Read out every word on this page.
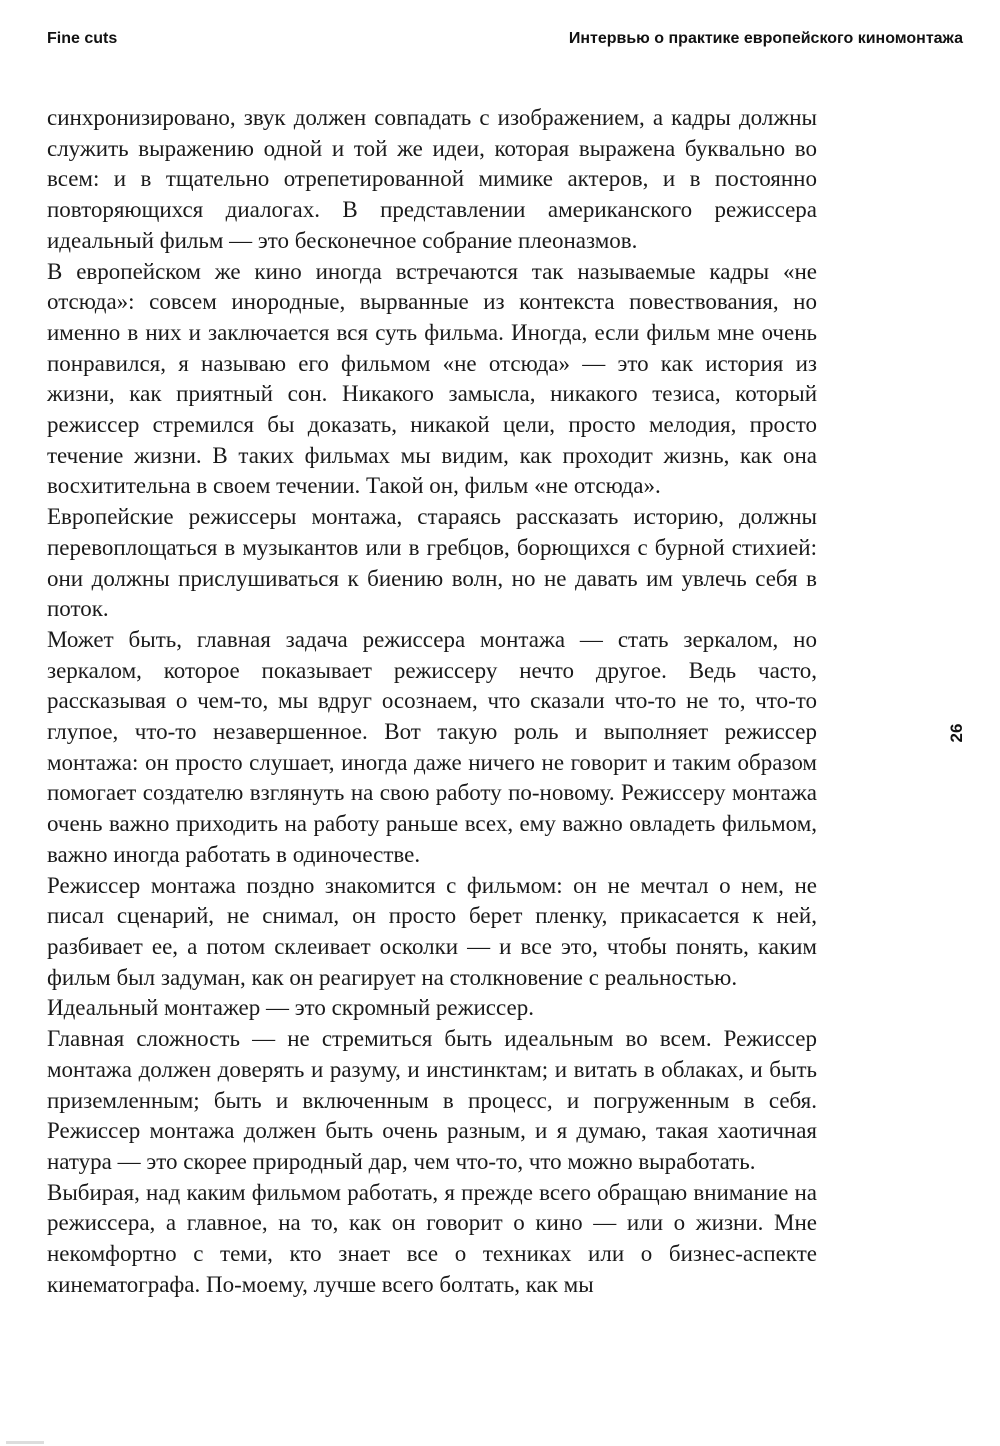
Fine cuts	Интервью о практике европейского киномонтажа

синхронизировано, звук должен совпадать с изображением, а кадры должны служить выражению одной и той же идеи, которая выражена буквально во всем: и в тщательно отрепетированной мимике актеров, и в постоянно повторяющихся диалогах. В представлении американского режиссера идеальный фильм — это бесконечное собрание плеоназмов.

В европейском же кино иногда встречаются так называемые кадры «не отсюда»: совсем инородные, вырванные из контекста повествования, но именно в них и заключается вся суть фильма. Иногда, если фильм мне очень понравился, я называю его фильмом «не отсюда» — это как история из жизни, как приятный сон. Никакого замысла, никакого тезиса, который режиссер стремился бы доказать, никакой цели, просто мелодия, просто течение жизни. В таких фильмах мы видим, как проходит жизнь, как она восхитительна в своем течении. Такой он, фильм «не отсюда».

Европейские режиссеры монтажа, стараясь рассказать историю, должны перевоплощаться в музыкантов или в гребцов, борющихся с бурной стихией: они должны прислушиваться к биению волн, но не давать им увлечь себя в поток.

Может быть, главная задача режиссера монтажа — стать зеркалом, но зеркалом, которое показывает режиссеру нечто другое. Ведь часто, рассказывая о чем-то, мы вдруг осознаем, что сказали что-то не то, что-то глупое, что-то незавершенное. Вот такую роль и выполняет режиссер монтажа: он просто слушает, иногда даже ничего не говорит и таким образом помогает создателю взглянуть на свою работу по-новому. Режиссеру монтажа очень важно приходить на работу раньше всех, ему важно овладеть фильмом, важно иногда работать в одиночестве.

Режиссер монтажа поздно знакомится с фильмом: он не мечтал о нем, не писал сценарий, не снимал, он просто берет пленку, прикасается к ней, разбивает ее, а потом склеивает осколки — и все это, чтобы понять, каким фильм был задуман, как он реагирует на столкновение с реальностью.

Идеальный монтажер — это скромный режиссер.

Главная сложность — не стремиться быть идеальным во всем. Режиссер монтажа должен доверять и разуму, и инстинктам; и витать в облаках, и быть приземленным; быть и включенным в процесс, и погруженным в себя. Режиссер монтажа должен быть очень разным, и я думаю, такая хаотичная натура — это скорее природный дар, чем что-то, что можно выработать.

Выбирая, над каким фильмом работать, я прежде всего обращаю внимание на режиссера, а главное, на то, как он говорит о кино — или о жизни. Мне некомфортно с теми, кто знает все о техниках или о бизнес-аспекте кинематографа. По-моему, лучше всего болтать, как мы

26
